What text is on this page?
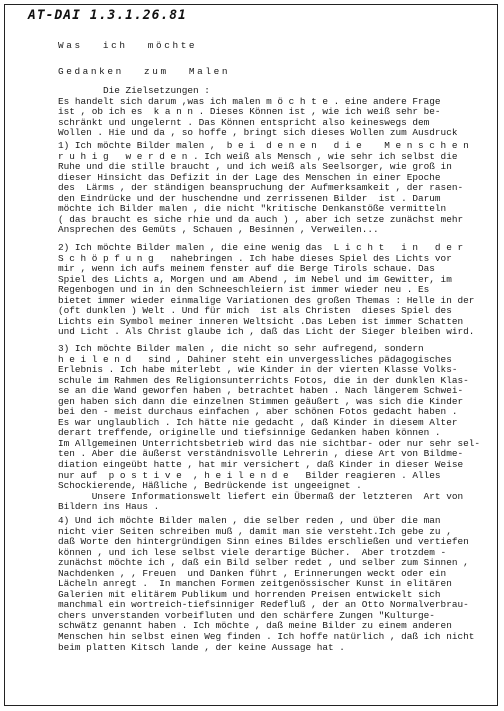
AT-DAI 1.3.1.26.81
Was ich möchte
Gedanken zum Malen
Die Zielsetzungen :
Es handelt sich darum ,was ich malen m ö c h t e . eine andere Frage
ist , ob ich es  k a n n . Dieses Können ist , wie ich weiß sehr be-
schränkt und ungelernt . Das Können entspricht also keineswegs dem
Wollen . Hie und da , so hoffe , bringt sich dieses Wollen zum Ausdruck
1) Ich möchte Bilder malen ,  b e i  d e n e n   d i e    M e n s c h e n
r u h i g   w e r d e n . Ich weiß als Mensch , wie sehr ich selbst die
Ruhe und die stille braucht , und ich weiß als Seelsorger, wie groß in
dieser Hinsicht das Defizit in der Lage des Menschen in einer Epoche
des  Lärms , der ständigen beanspruchung der Aufmerksamkeit , der rasen-
den Eindrücke und der huschendne und zerrissenen Bilder  ist . Darum
möchte ich Bilder malen , die nicht "kritische Denkanstöße vermitteln
( das braucht es siche rhie und da auch ) , aber ich setze zunächst mehr
Ansprechen des Gemüts , Schauen , Besinnen , Verweilen...
2) Ich möchte Bilder malen , die eine wenig das  L i c h t   i n   d e r
S c h ö p f u n g   nahebringen . Ich habe dieses Spiel des Lichts vor
mir , wenn ich aufs meinem fenster auf die Berge Tirols schaue. Das
Spiel des Lichts a, Morgen und am Abend , im Nebel und im Gewitter, im
Regenbogen und in in den Schneeschleiern ist immer wieder neu . Es
bietet immer wieder einmalige Variationen des großen Themas : Helle in der
(oft dunklen ) Welt . Und für mich  ist als Christen  dieses Spiel des
Lichts ein Symbol meiner inneren Weltsicht .Das Leben ist immer Schatten
und Licht . Als Christ glaube ich , daß das Licht der Sieger bleiben wird.
3) Ich möchte Bilder malen , die nicht so sehr aufregend, sondern
h e i l e n d   sind , Dahiner steht ein unvergessliches pädagogisches
Erlebnis . Ich habe miterlebt , wie Kinder in der vierten Klasse Volks-
schule im Rahmen des Religionsunterrichts Fotos, die in der dunklen Klas-
se an die Wand geworfen haben , betrachtet haben . Nach längerem Schwei-
gen haben sich dann die einzelnen Stimmen geäußert , was sich die Kinder
bei den - meist durchaus einfachen , aber schönen Fotos gedacht haben .
Es war unglaublich . Ich hätte nie gedacht , daß Kinder in diesem Alter
derart treffende, originelle und tiefsinnige Gedanken haben können .
Im Allgemeinen Unterrichtsbetrieb wird das nie sichtbar- oder nur sehr sel-
ten . Aber die äußerst verständnisvolle Lehrerin , diese Art von Bildme-
diation eingeübt hatte , hat mir versichert , daß Kinder in dieser Weise
nur auf  p o s t i v e  , h e i l e n d e   Bilder reagieren . Alles
Schockierende, Häßliche , Bedrückende ist ungeeignet .
Unsere Informationswelt liefert ein Übermaß der letzteren  Art von
Bildern ins Haus .
4) Und ich möchte Bilder malen , die selber reden , und über die man
nicht vier Seiten schreiben muß , damit man sie versteht.Ich gebe zu ,
daß Worte den hintergründigen Sinn eines Bildes erschließen und vertiefen
können , und ich lese selbst viele derartige Bücher.  Aber trotzdem -
zunächst möchte ich , daß ein Bild selber redet , und selber zum Sinnen ,
Nachdenken , , Freuen  und Danken führt , Erinnerungen weckt oder ein
Lächeln anregt .  In manchen Formen zeitgenössischer Kunst in elitären
Galerien mit elitärem Publikum und horrenden Preisen entwickelt sich
manchmal ein wortreich-tiefsinniger Redefluß , der an Otto Normalverbrau-
chers unverstanden vorbeifluten und den schärfere Zungen "Kulturge-
schwätz genannt haben . Ich möchte , daß meine Bilder zu einem anderen
Menschen hin selbst einen Weg finden . Ich hoffe natürlich , daß ich nicht
beim platten Kitsch lande , der keine Aussage hat .
